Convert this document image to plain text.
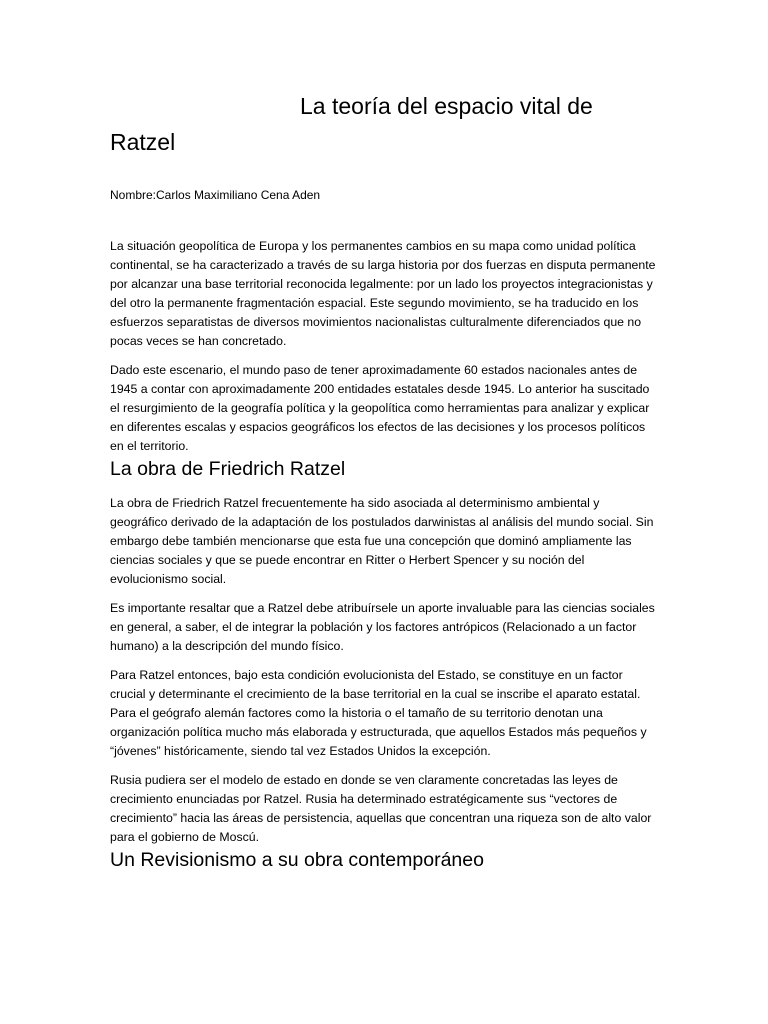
La teoría del espacio vital de
Ratzel

Nombre:Carlos Maximiliano Cena Aden

La situación geopolítica de Europa y los permanentes cambios en su mapa como unidad política continental, se ha caracterizado a través de su larga historia por dos fuerzas en disputa permanente por alcanzar una base territorial reconocida legalmente: por un lado los proyectos integracionistas y del otro la permanente fragmentación espacial. Este segundo movimiento, se ha traducido en los esfuerzos separatistas de diversos movimientos nacionalistas culturalmente diferenciados que no pocas veces se han concretado.

Dado este escenario, el mundo paso de tener aproximadamente 60 estados nacionales antes de 1945 a contar con aproximadamente 200 entidades estatales desde 1945. Lo anterior ha suscitado el resurgimiento de la geografía política y la geopolítica como herramientas para analizar y explicar en diferentes escalas y espacios geográficos los efectos de las decisiones y los procesos políticos en el territorio.

La obra de Friedrich Ratzel

La obra de Friedrich Ratzel frecuentemente ha sido asociada al determinismo ambiental y geográfico derivado de la adaptación de los postulados darwinistas al análisis del mundo social. Sin embargo debe también mencionarse que esta fue una concepción que dominó ampliamente las ciencias sociales y que se puede encontrar en Ritter o Herbert Spencer y su noción del evolucionismo social.

Es importante resaltar que a Ratzel debe atribuírsele un aporte invaluable para las ciencias sociales en general, a saber, el de integrar la población y los factores antrópicos (Relacionado a un factor humano) a la descripción del mundo físico.

Para Ratzel entonces, bajo esta condición evolucionista del Estado, se constituye en un factor crucial y determinante el crecimiento de la base territorial en la cual se inscribe el aparato estatal. Para el geógrafo alemán factores como la historia o el tamaño de su territorio denotan una organización política mucho más elaborada y estructurada, que aquellos Estados más pequeños y “jóvenes” históricamente, siendo tal vez Estados Unidos la excepción.

Rusia pudiera ser el modelo de estado en donde se ven claramente concretadas las leyes de crecimiento enunciadas por Ratzel. Rusia ha determinado estratégicamente sus “vectores de crecimiento” hacia las áreas de persistencia, aquellas que concentran una riqueza son de alto valor para el gobierno de Moscú.

Un Revisionismo a su obra contemporáneo
